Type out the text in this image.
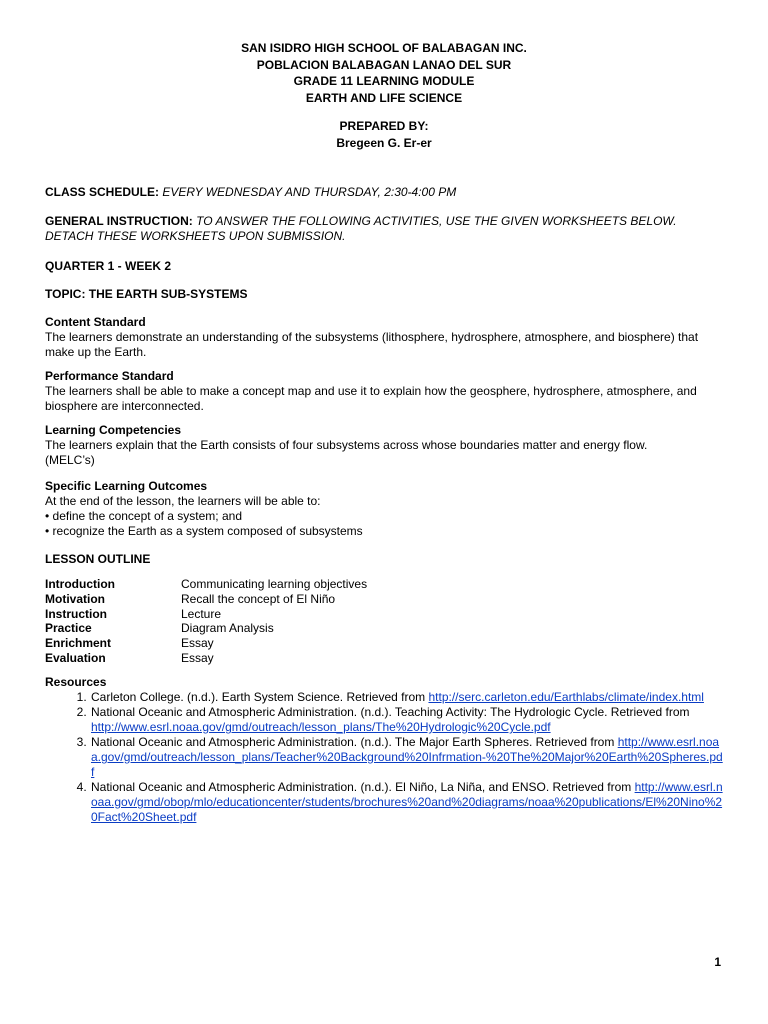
SAN ISIDRO HIGH SCHOOL OF BALABAGAN INC.
POBLACION BALABAGAN LANAO DEL SUR
GRADE 11 LEARNING MODULE
EARTH AND LIFE SCIENCE
PREPARED BY:
Bregeen G. Er-er
CLASS SCHEDULE: EVERY WEDNESDAY AND THURSDAY, 2:30-4:00 PM
GENERAL INSTRUCTION: TO ANSWER THE FOLLOWING ACTIVITIES, USE THE GIVEN WORKSHEETS BELOW. DETACH THESE WORKSHEETS UPON SUBMISSION.
QUARTER 1 - WEEK 2
TOPIC: THE EARTH SUB-SYSTEMS
Content Standard
The learners demonstrate an understanding of the subsystems (lithosphere, hydrosphere, atmosphere, and biosphere) that make up the Earth.
Performance Standard
The learners shall be able to make a concept map and use it to explain how the geosphere, hydrosphere, atmosphere, and biosphere are interconnected.
Learning Competencies
The learners explain that the Earth consists of four subsystems across whose boundaries matter and energy flow. (MELC’s)
Specific Learning Outcomes
At the end of the lesson, the learners will be able to:
• define the concept of a system; and
• recognize the Earth as a system composed of subsystems
LESSON OUTLINE
Introduction	Communicating learning objectives
Motivation	Recall the concept of El Niño
Instruction	Lecture
Practice	Diagram Analysis
Enrichment	Essay
Evaluation	Essay
Resources
1. Carleton College. (n.d.). Earth System Science. Retrieved from http://serc.carleton.edu/Earthlabs/climate/index.html
2. National Oceanic and Atmospheric Administration. (n.d.). Teaching Activity: The Hydrologic Cycle. Retrieved from http://www.esrl.noaa.gov/gmd/outreach/lesson_plans/The%20Hydrologic%20Cycle.pdf
3. National Oceanic and Atmospheric Administration. (n.d.). The Major Earth Spheres. Retrieved from http://www.esrl.noaa.gov/gmd/outreach/lesson_plans/Teacher%20Background%20Infrmation-%20The%20Major%20Earth%20Spheres.pdf
4. National Oceanic and Atmospheric Administration. (n.d.). El Niño, La Niña, and ENSO. Retrieved from http://www.esrl.noaa.gov/gmd/obop/mlo/educationcenter/students/brochures%20and%20diagrams/noaa%20publications/El%20Nino%20Fact%20Sheet.pdf
1
